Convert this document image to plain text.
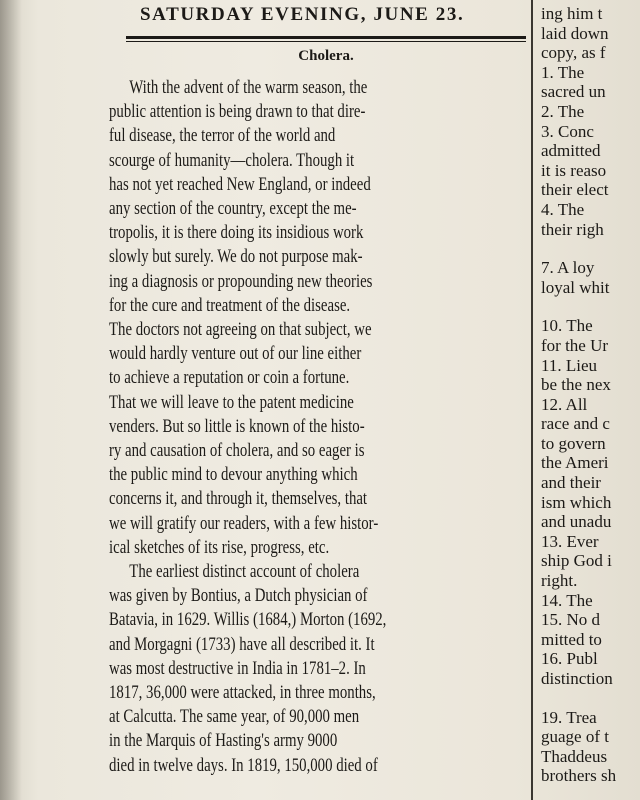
SATURDAY EVENING, JUNE 23.
Cholera.
With the advent of the warm season, the
public attention is being drawn to that dire-
ful disease, the terror of the world and
scourge of humanity—cholera. Though it
has not yet reached New England, or indeed
any section of the country, except the me-
tropolis, it is there doing its insidious work
slowly but surely. We do not purpose mak-
ing a diagnosis or propounding new theories
for the cure and treatment of the disease.
The doctors not agreeing on that subject, we
would hardly venture out of our line either
to achieve a reputation or coin a fortune.
That we will leave to the patent medicine
venders. But so little is known of the histo-
ry and causation of cholera, and so eager is
the public mind to devour anything which
concerns it, and through it, themselves, that
we will gratify our readers, with a few histor-
ical sketches of its rise, progress, etc.
The earliest distinct account of cholera
was given by Bontius, a Dutch physician of
Batavia, in 1629. Willis (1684,) Morton (1692,
and Morgagni (1733) have all described it. It
was most destructive in India in 1781–2. In
1817, 36,000 were attacked, in three months,
at Calcutta. The same year, of 90,000 men
in the Marquis of Hasting's army 9000
died in twelve days. In 1819, 150,000 died of
ing him t
laid down
copy, as f
1. The
sacred un
2. The
3. Conc
admitted
it is reaso
their elect
4. The
their righ
7. A loy
loyal whit
10. The
for the Ur
11. Lieu
be the nex
12. All
race and c
to govern
the Ameri
and their
ism which
and unadu
13. Ever
ship God i
right.
14. The
15. No d
mitted to
16. Publ
distinction
19. Trea
guage of t
Thaddeus
brothers sh
